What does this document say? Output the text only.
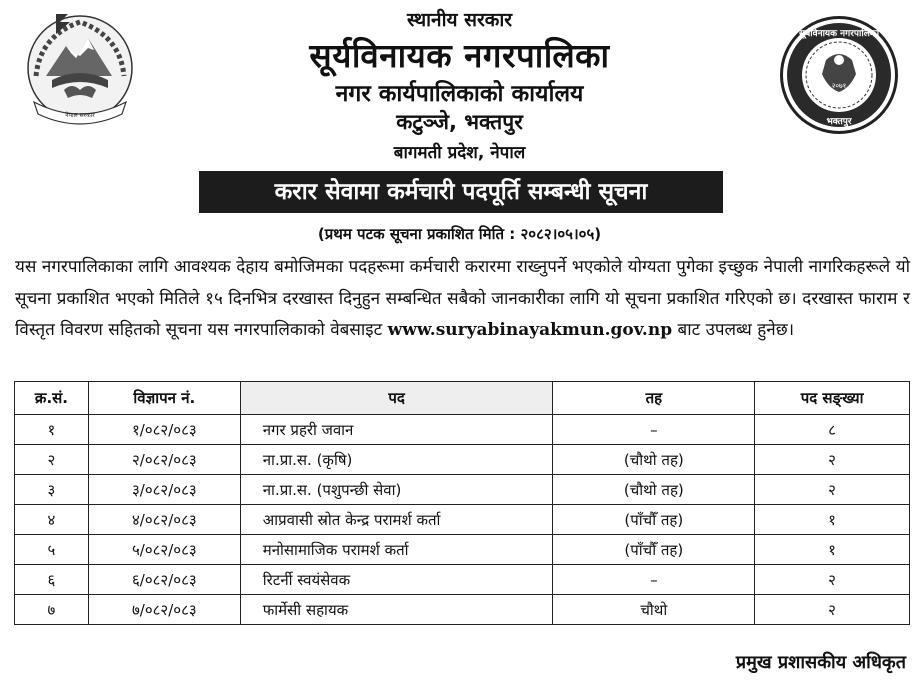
नेपाल सरकार
स्थानीय सरकार
सूर्यविनायक नगरपालिका
नगर कार्यपालिकाको कार्यालय
कटुञ्जे, भक्तपुर
बागमती प्रदेश, नेपाल
२०७१
सूर्यविनायक नगरपालिका
भक्तपुर
करार सेवामा कर्मचारी पदपूर्ति सम्बन्धी सूचना
(प्रथम पटक सूचना प्रकाशित मिति : २०८२।०५।०५)
यस नगरपालिकाका लागि आवश्यक देहाय बमोजिमका पदहरूमा कर्मचारी करारमा राख्नुपर्ने भएकोले योग्यता पुगेका इच्छुक नेपाली नागरिकहरूले यो सूचना प्रकाशित भएको मितिले १५ दिनभित्र दरखास्त दिनुहुन सम्बन्धित सबैको जानकारीका लागि यो सूचना प्रकाशित गरिएको छ। दरखास्त फाराम र विस्तृत विवरण सहितको सूचना यस नगरपालिकाको वेबसाइट www.suryabinayakmun.gov.np बाट उपलब्ध हुनेछ।
क्र.सं.	विज्ञापन नं.	पद	तह	पद सङ्ख्या
१	१/०८२/०८३	नगर प्रहरी जवान	–	८
२	२/०८२/०८३	ना.प्रा.स. (कृषि)	(चौथो तह)	२
३	३/०८२/०८३	ना.प्रा.स. (पशुपन्छी सेवा)	(चौथो तह)	२
४	४/०८२/०८३	आप्रवासी स्रोत केन्द्र परामर्श कर्ता	(पाँचौँ तह)	१
५	५/०८२/०८३	मनोसामाजिक परामर्श कर्ता	(पाँचौँ तह)	१
६	६/०८२/०८३	रिटर्नी स्वयंसेवक	–	२
७	७/०८२/०८३	फार्मेसी सहायक	चौथो	२
प्रमुख प्रशासकीय अधिकृत
